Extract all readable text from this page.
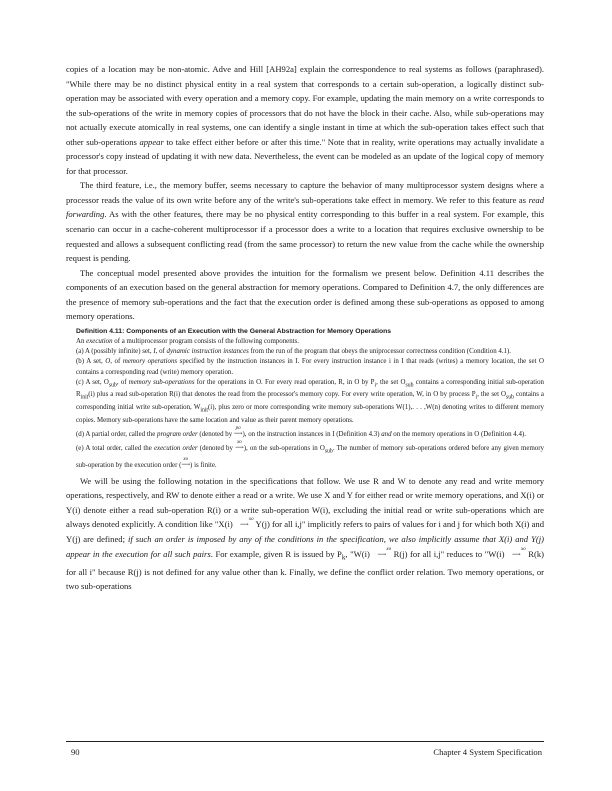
copies of a location may be non-atomic. Adve and Hill [AH92a] explain the correspondence to real systems as follows (paraphrased). "While there may be no distinct physical entity in a real system that corresponds to a certain sub-operation, a logically distinct sub-operation may be associated with every operation and a memory copy. For example, updating the main memory on a write corresponds to the sub-operations of the write in memory copies of processors that do not have the block in their cache. Also, while sub-operations may not actually execute atomically in real systems, one can identify a single instant in time at which the sub-operation takes effect such that other sub-operations appear to take effect either before or after this time." Note that in reality, write operations may actually invalidate a processor's copy instead of updating it with new data. Nevertheless, the event can be modeled as an update of the logical copy of memory for that processor.

The third feature, i.e., the memory buffer, seems necessary to capture the behavior of many multiprocessor system designs where a processor reads the value of its own write before any of the write's sub-operations take effect in memory. We refer to this feature as read forwarding. As with the other features, there may be no physical entity corresponding to this buffer in a real system. For example, this scenario can occur in a cache-coherent multiprocessor if a processor does a write to a location that requires exclusive ownership to be requested and allows a subsequent conflicting read (from the same processor) to return the new value from the cache while the ownership request is pending.

The conceptual model presented above provides the intuition for the formalism we present below. Definition 4.11 describes the components of an execution based on the general abstraction for memory operations. Compared to Definition 4.7, the only differences are the presence of memory sub-operations and the fact that the execution order is defined among these sub-operations as opposed to among memory operations.

Definition 4.11: Components of an Execution with the General Abstraction for Memory Operations

An execution of a multiprocessor program consists of the following components.

(a) A (possibly infinite) set, I, of dynamic instruction instances from the run of the program that obeys the uniprocessor correctness condition (Condition 4.1).

(b) A set, O, of memory operations specified by the instruction instances in I. For every instruction instance i in I that reads (writes) a memory location, the set O contains a corresponding read (write) memory operation.

(c) A set, $O_{sub}$, of memory sub-operations for the operations in O. For every read operation, R, in O by $P_i$, the set $O_{sub}$ contains a corresponding initial sub-operation $R_{init}(i)$ plus a read sub-operation R(i) that denotes the read from the processor's memory copy. For every write operation, W, in O by process $P_i$, the set $O_{sub}$ contains a corresponding initial write sub-operation, $W_{init}(i)$, plus zero or more corresponding write memory sub-operations W(1),. . . ,W(n) denoting writes to different memory copies. Memory sub-operations have the same location and value as their parent memory operations.

(d) A partial order, called the program order (denoted by
po
⟶), on the instruction instances in I (Definition 4.3) and on the memory operations in O (Definition 4.4).

(e) A total order, called the execution order (denoted by
xo
⟶), on the sub-operations in $O_{sub}$. The number of memory sub-operations ordered before any given memory sub-operation by the execution order (
xo
⟶) is finite.

We will be using the following notation in the specifications that follow. We use R and W to denote any read and write memory operations, respectively, and RW to denote either a read or a write. We use X and Y for either read or write memory operations, and X(i) or Y(i) denote either a read sub-operation R(i) or a write sub-operation W(i), excluding the initial read or write sub-operations which are always denoted explicitly. A condition like "X(i)	xo
⟶ Y(j) for all i,j" implicitly refers to pairs of values for i and j for which both X(i) and Y(j) are defined; if such an order is imposed by any of the conditions in the specification, we also implicitly assume that X(i) and Y(j) appear in the execution for all such pairs. For example, given R is issued by $P_k$, "W(i)	xo
⟶ R(j) for all i,j" reduces to "W(i)	xo
⟶ R(k) for all i" because R(j) is not defined for any value other than k. Finally, we define the conflict order relation. Two memory operations, or two sub-operations

90	Chapter 4 System Specification
